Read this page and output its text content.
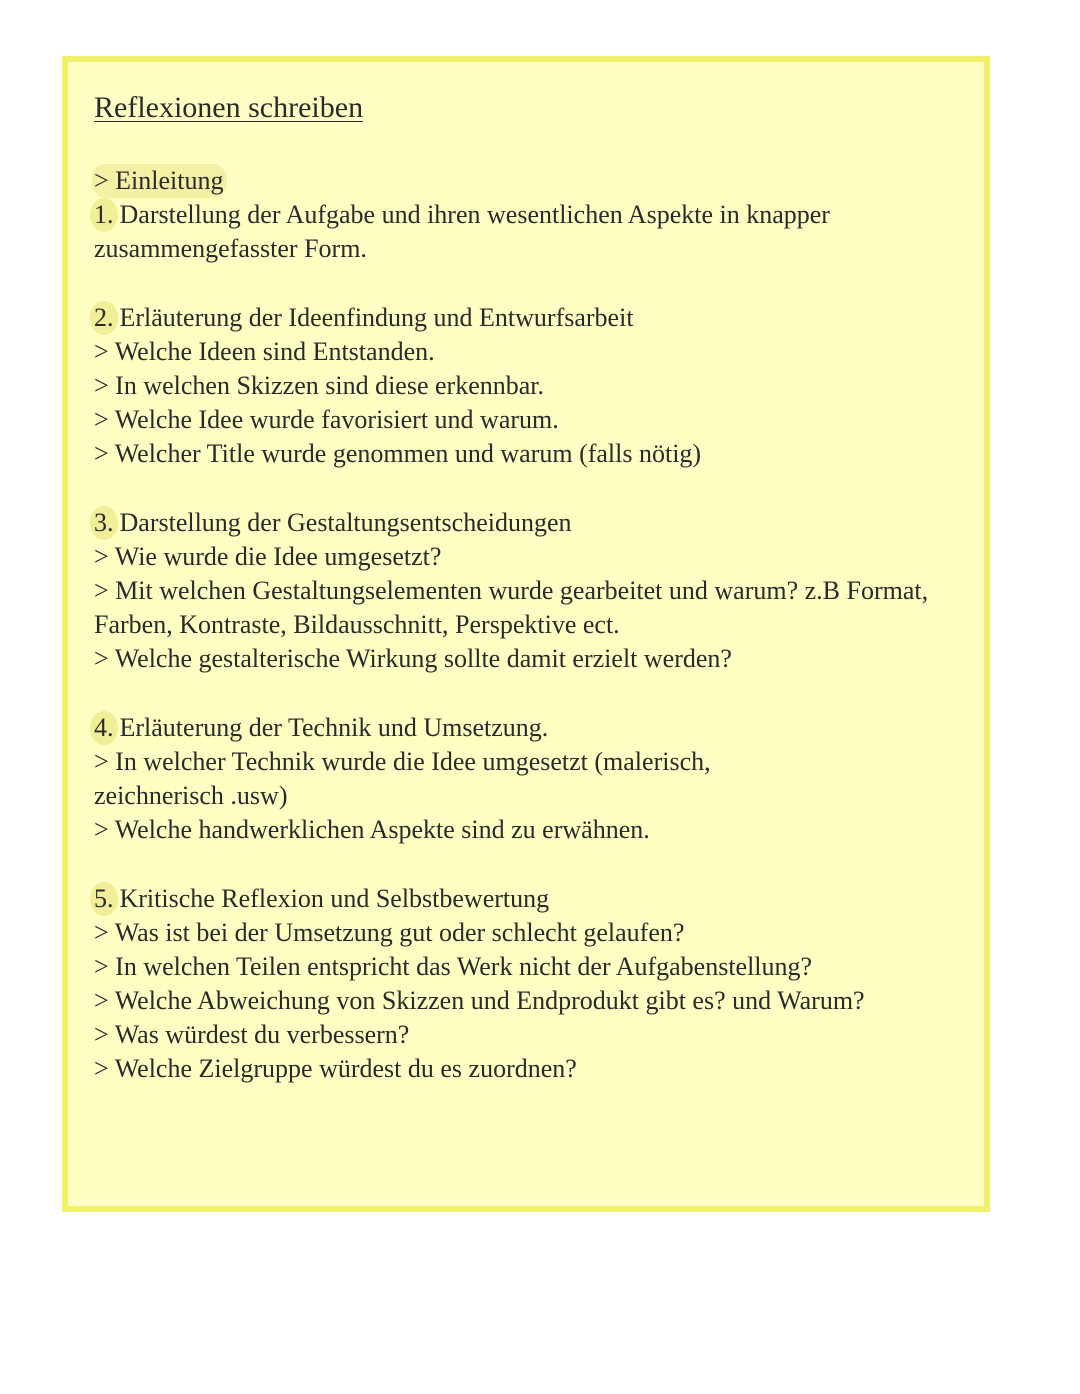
Reflexionen schreiben
> Einleitung
1. Darstellung der Aufgabe und ihren wesentlichen Aspekte in knapper zusammengefasster Form.
2. Erläuterung der Ideenfindung und Entwurfsarbeit
> Welche Ideen sind Entstanden.
> In welchen Skizzen sind diese erkennbar.
> Welche Idee wurde favorisiert und warum.
> Welcher Title wurde genommen und warum (falls nötig)
3. Darstellung der Gestaltungsentscheidungen
> Wie wurde die Idee umgesetzt?
> Mit welchen Gestaltungselementen wurde gearbeitet und warum? z.B Format, Farben, Kontraste, Bildausschnitt, Perspektive ect.
> Welche gestalterische Wirkung sollte damit erzielt werden?
4. Erläuterung der Technik und Umsetzung.
> In welcher Technik wurde die Idee umgesetzt (malerisch, zeichnerisch .usw)
> Welche handwerklichen Aspekte sind zu erwähnen.
5. Kritische Reflexion und Selbstbewertung
> Was ist bei der Umsetzung gut oder schlecht gelaufen?
> In welchen Teilen entspricht das Werk nicht der Aufgabenstellung?
> Welche Abweichung von Skizzen und Endprodukt gibt es? und Warum?
> Was würdest du verbessern?
> Welche Zielgruppe würdest du es zuordnen?
